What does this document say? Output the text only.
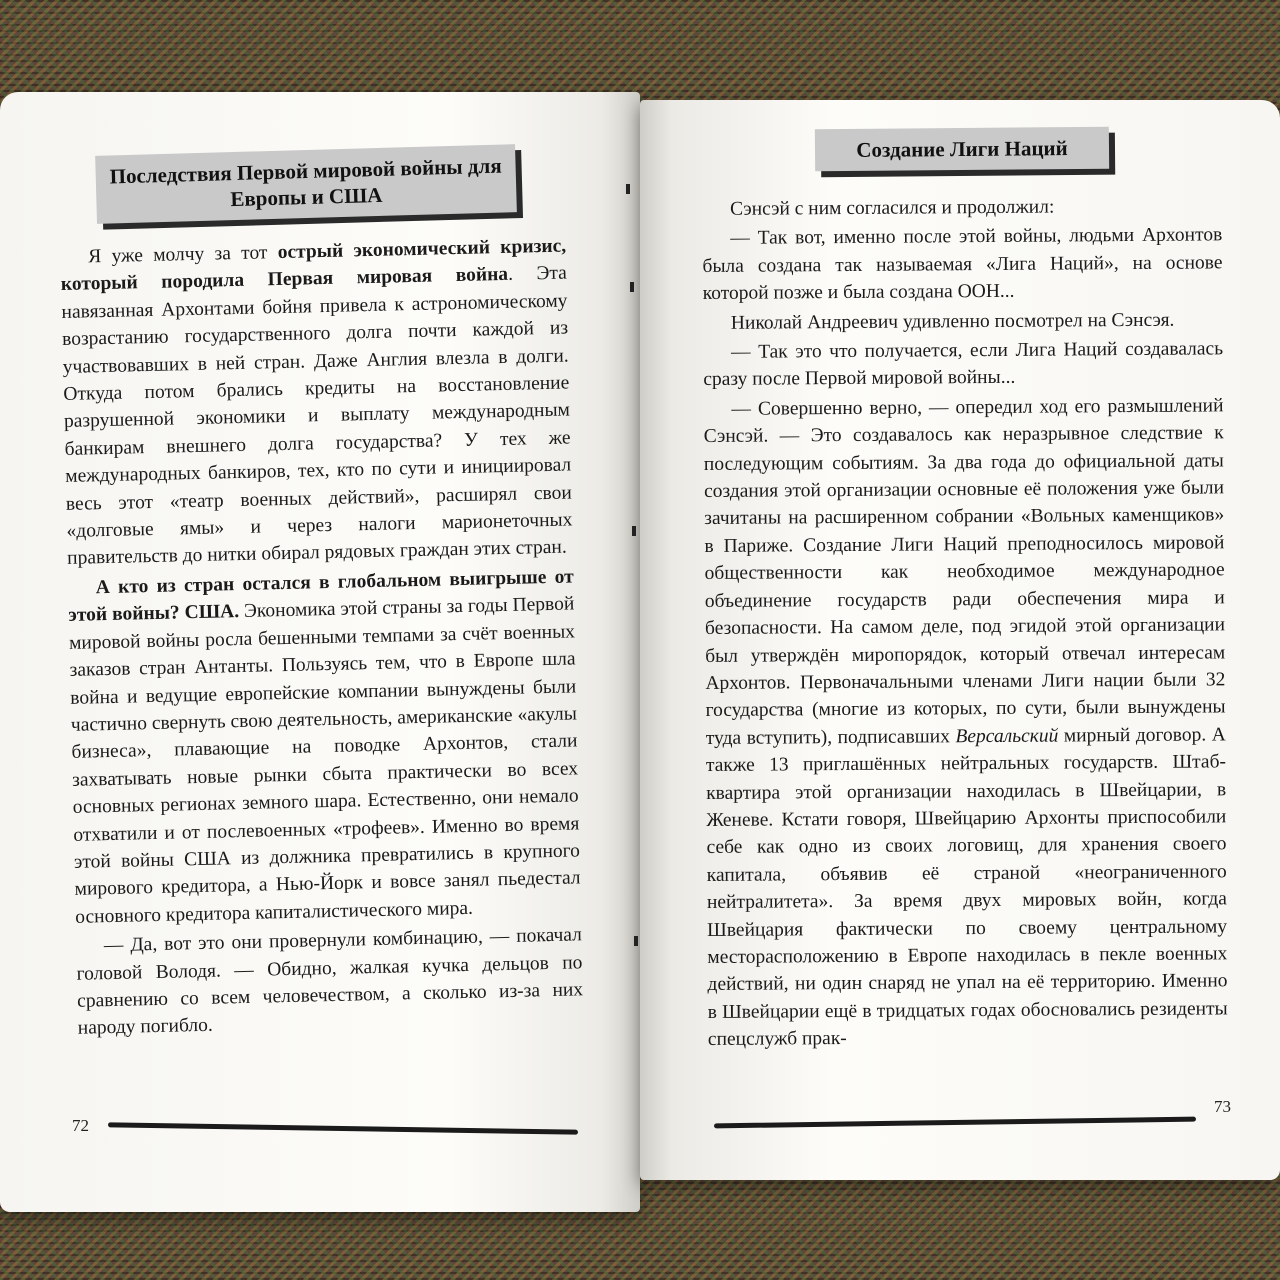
Последствия Первой мировой войны для Европы и США

Я уже молчу за тот острый экономический кризис, который породила Первая мировая война. Эта навязанная Архонтами бойня привела к астрономическому возрастанию государственного долга почти каждой из участвовавших в ней стран. Даже Англия влезла в долги. Откуда потом брались кредиты на восстановление разрушенной экономики и выплату международным банкирам внешнего долга государства? У тех же международных банкиров, тех, кто по сути и инициировал весь этот «театр военных действий», расширял свои «долговые ямы» и через налоги марионеточных правительств до нитки обирал рядовых граждан этих стран.

А кто из стран остался в глобальном выигрыше от этой войны? США. Экономика этой страны за годы Первой мировой войны росла бешенными темпами за счёт военных заказов стран Антанты. Пользуясь тем, что в Европе шла война и ведущие европейские компании вынуждены были частично свернуть свою деятельность, американские «акулы бизнеса», плавающие на поводке Архонтов, стали захватывать новые рынки сбыта практически во всех основных регионах земного шара. Естественно, они немало отхватили и от послевоенных «трофеев». Именно во время этой войны США из должника превратились в крупного мирового кредитора, а Нью-Йорк и вовсе занял пьедестал основного кредитора капиталистического мира.

— Да, вот это они провернули комбинацию, — покачал головой Володя. — Обидно, жалкая кучка дельцов по сравнению со всем человечеством, а сколько из-за них народу погибло.

72
Создание Лиги Наций

Сэнсэй с ним согласился и продолжил:

— Так вот, именно после этой войны, людьми Архонтов была создана так называемая «Лига Наций», на основе которой позже и была создана ООН...

Николай Андреевич удивленно посмотрел на Сэнсэя.

— Так это что получается, если Лига Наций создавалась сразу после Первой мировой войны...

— Совершенно верно, — опередил ход его размышлений Сэнсэй. — Это создавалось как неразрывное следствие к последующим событиям. За два года до официальной даты создания этой организации основные её положения уже были зачитаны на расширенном собрании «Вольных каменщиков» в Париже. Создание Лиги Наций преподносилось мировой общественности как необходимое международное объединение государств ради обеспечения мира и безопасности. На самом деле, под эгидой этой организации был утверждён миропорядок, который отвечал интересам Архонтов. Первоначальными членами Лиги нации были 32 государства (многие из которых, по сути, были вынуждены туда вступить), подписавших Версальский мирный договор. А также 13 приглашённых нейтральных государств. Штаб-квартира этой организации находилась в Швейцарии, в Женеве. Кстати говоря, Швейцарию Архонты приспособили себе как одно из своих логовищ, для хранения своего капитала, объявив её страной «неограниченного нейтралитета». За время двух мировых войн, когда Швейцария фактически по своему центральному месторасположению в Европе находилась в пекле военных действий, ни один снаряд не упал на её территорию. Именно в Швейцарии ещё в тридцатых годах обосновались резиденты спецслужб прак-

73
